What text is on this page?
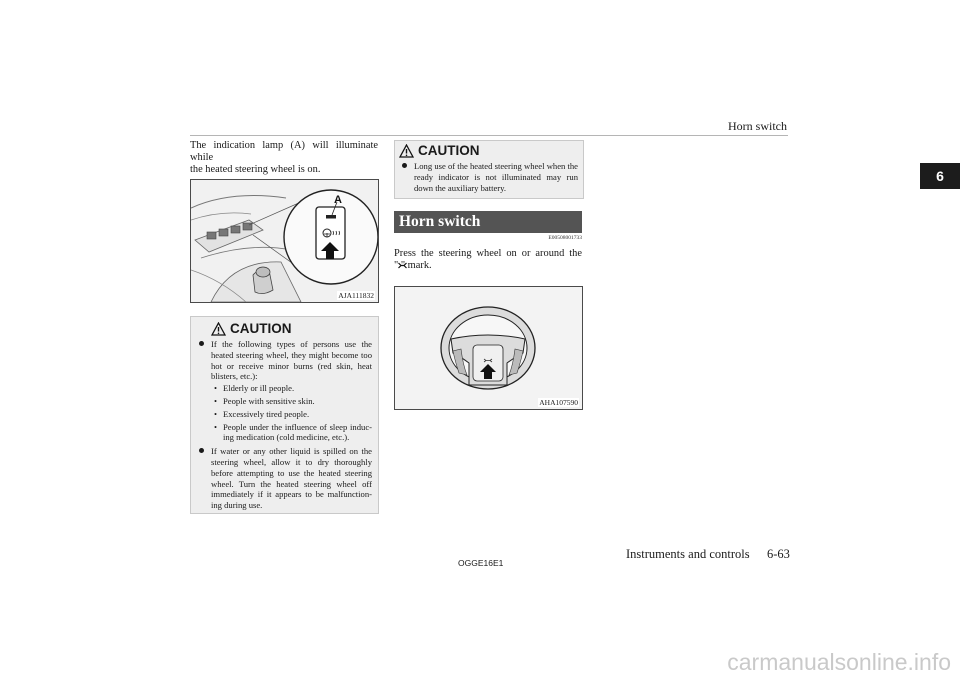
Horn switch
6
The indication lamp (A) will illuminate while
the heated steering wheel is on.
A
AJA111832
CAUTION
If the following types of persons use the heated steering wheel, they might become too hot or receive minor burns (red skin, heat blisters, etc.):
• Elderly or ill people.
• People with sensitive skin.
• Excessively tired people.
• People under the influence of sleep induc-ing medication (cold medicine, etc.).
If water or any other liquid is spilled on the steering wheel, allow it to dry thoroughly before attempting to use the heated steering wheel. Turn the heated steering wheel off immediately if it appears to be malfunction-ing during use.
CAUTION
Long use of the heated steering wheel when the ready indicator is not illuminated may run down the auxiliary battery.
Horn switch
E00508001733
Press the steering wheel on or around the
" " mark.
AHA107590
OGGE16E1
Instruments and controls 6-63
carmanualsonline.info
